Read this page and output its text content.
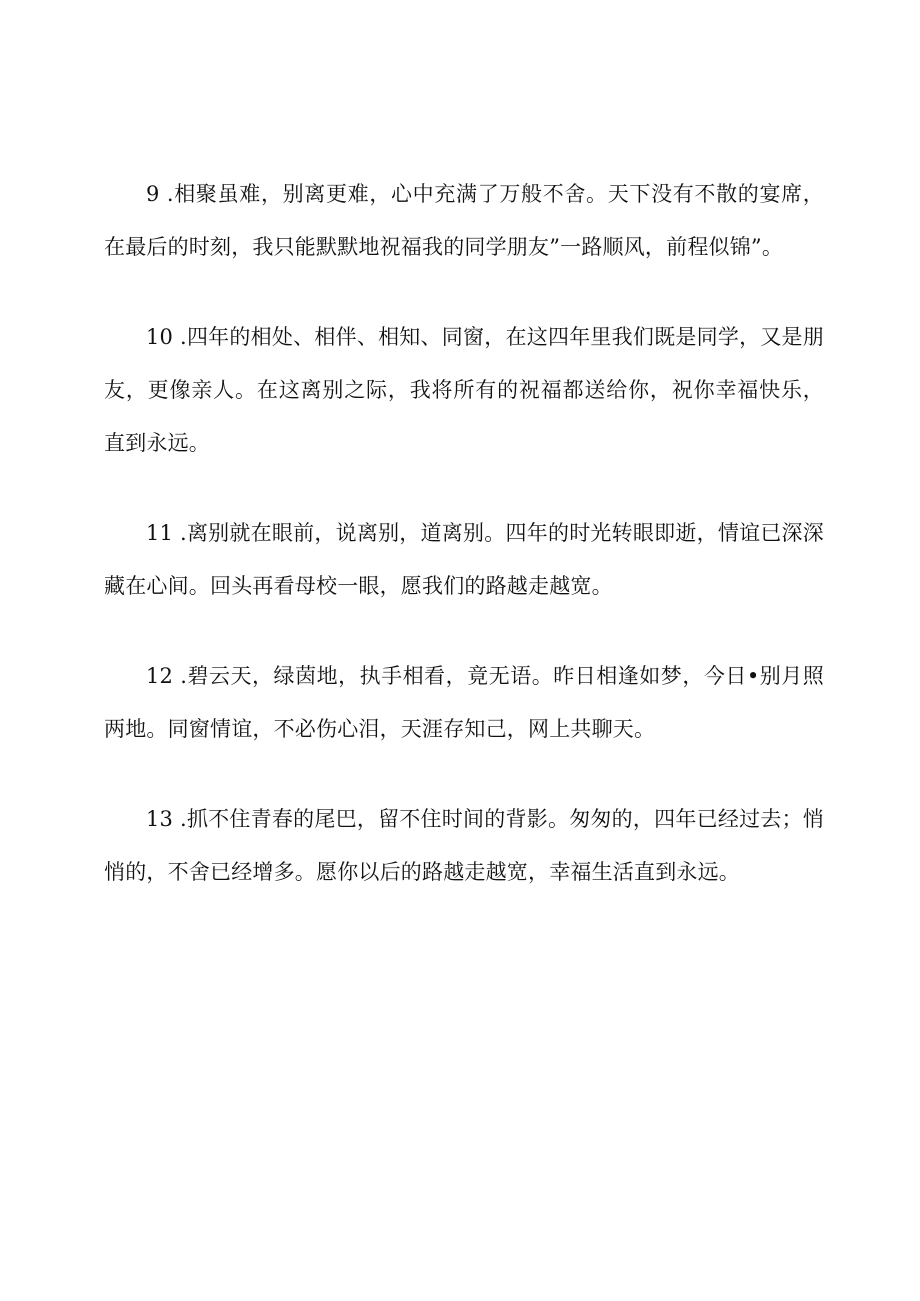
9 .相聚虽难，别离更难，心中充满了万般不舍。天下没有不散的宴席，在最后的时刻，我只能默默地祝福我的同学朋友”一路顺风，前程似锦”。

10 .四年的相处、相伴、相知、同窗，在这四年里我们既是同学，又是朋友，更像亲人。在这离别之际，我将所有的祝福都送给你，祝你幸福快乐，直到永远。

11 .离别就在眼前，说离别，道离别。四年的时光转眼即逝，情谊已深深藏在心间。回头再看母校一眼，愿我们的路越走越宽。

12 .碧云天，绿茵地，执手相看，竟无语。昨日相逢如梦，今日•别月照两地。同窗情谊，不必伤心泪，天涯存知己，网上共聊天。

13 .抓不住青春的尾巴，留不住时间的背影。匆匆的，四年已经过去；悄悄的，不舍已经增多。愿你以后的路越走越宽，幸福生活直到永远。
